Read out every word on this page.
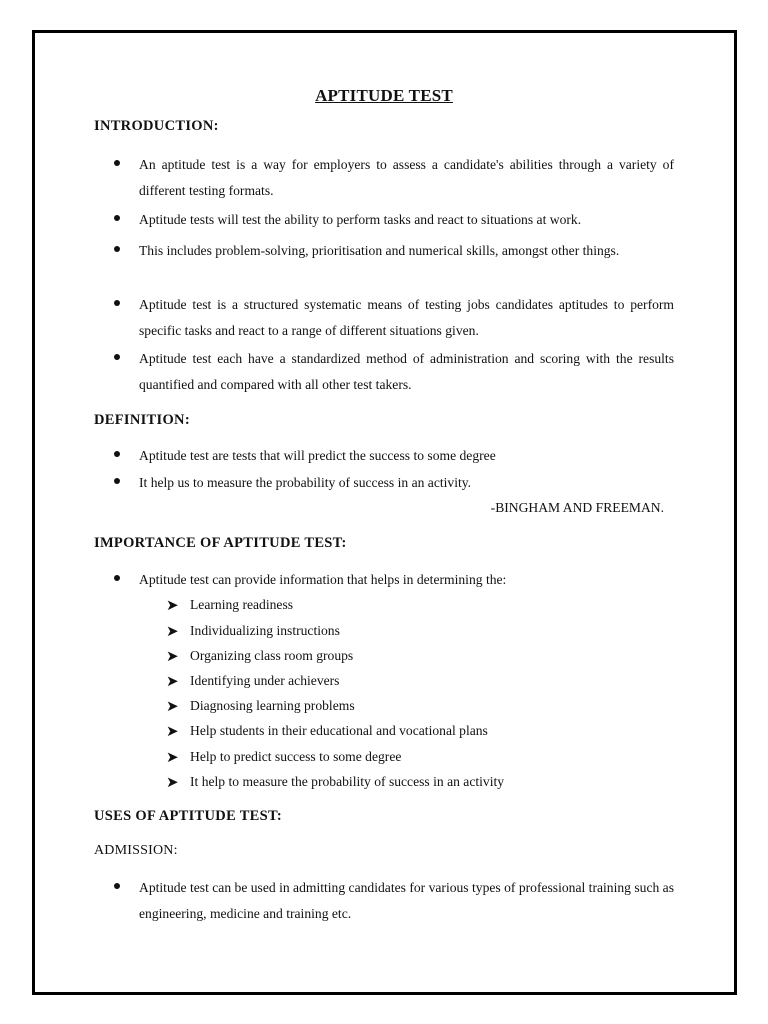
APTITUDE TEST
INTRODUCTION:
An aptitude test is a way for employers to assess a candidate's abilities through a variety of different testing formats.
Aptitude tests will test the ability to perform tasks and react to situations at work.
This includes problem-solving, prioritisation and numerical skills, amongst other things.
Aptitude test is a structured systematic means of testing jobs candidates aptitudes to perform specific tasks and react to a range of different situations given.
Aptitude test each have a standardized method of administration and scoring with the results quantified and compared with all other test takers.
DEFINITION:
Aptitude test are tests that will predict the success to some degree
It help us to measure the probability of success in an activity.

-BINGHAM AND FREEMAN.

IMPORTANCE OF APTITUDE TEST:
Aptitude test can provide information that helps in determining the:
➤ Learning readiness
➤ Individualizing instructions
➤ Organizing class room groups
➤ Identifying under achievers
➤ Diagnosing learning problems
➤ Help students in their educational and vocational plans
➤ Help to predict success to some degree
➤ It help to measure the probability of success in an activity
USES OF APTITUDE TEST:

ADMISSION:

Aptitude test can be used in admitting candidates for various types of professional training such as engineering, medicine and training etc.
